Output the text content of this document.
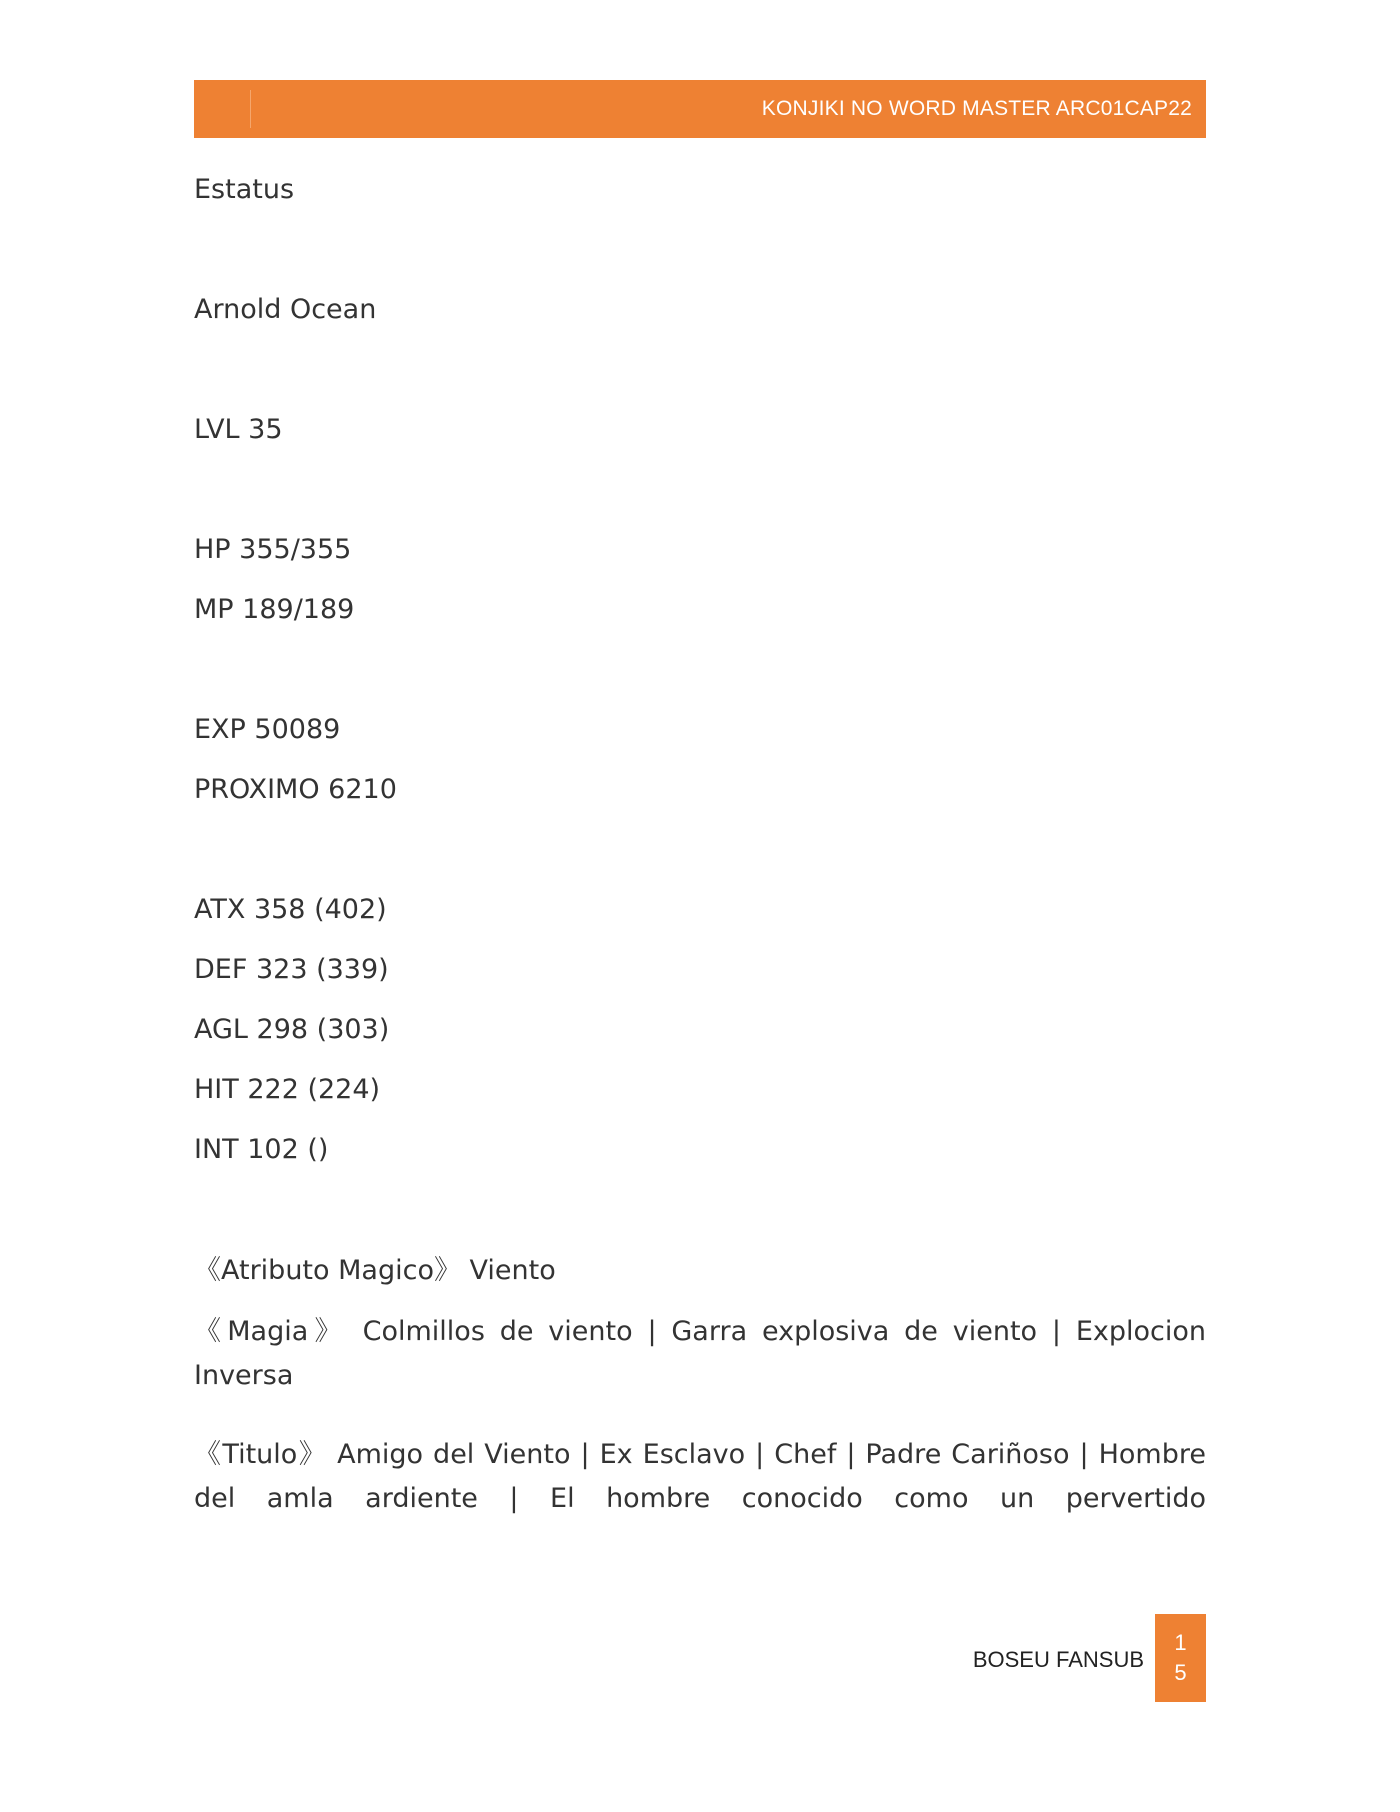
KONJIKI NO WORD MASTER ARC01CAP22
Estatus
Arnold Ocean
LVL 35
HP 355/355
MP 189/189
EXP 50089
PROXIMO 6210
ATX 358 (402)
DEF 323 (339)
AGL 298 (303)
HIT 222 (224)
INT 102 ()
《Atributo Magico》 Viento
《Magia》 Colmillos de viento | Garra explosiva de viento | Explocion Inversa
《Titulo》 Amigo del Viento | Ex Esclavo | Chef | Padre Cariñoso | Hombre
del amla ardiente | El hombre conocido como un pervertido
BOSEU FANSUB
1
5
